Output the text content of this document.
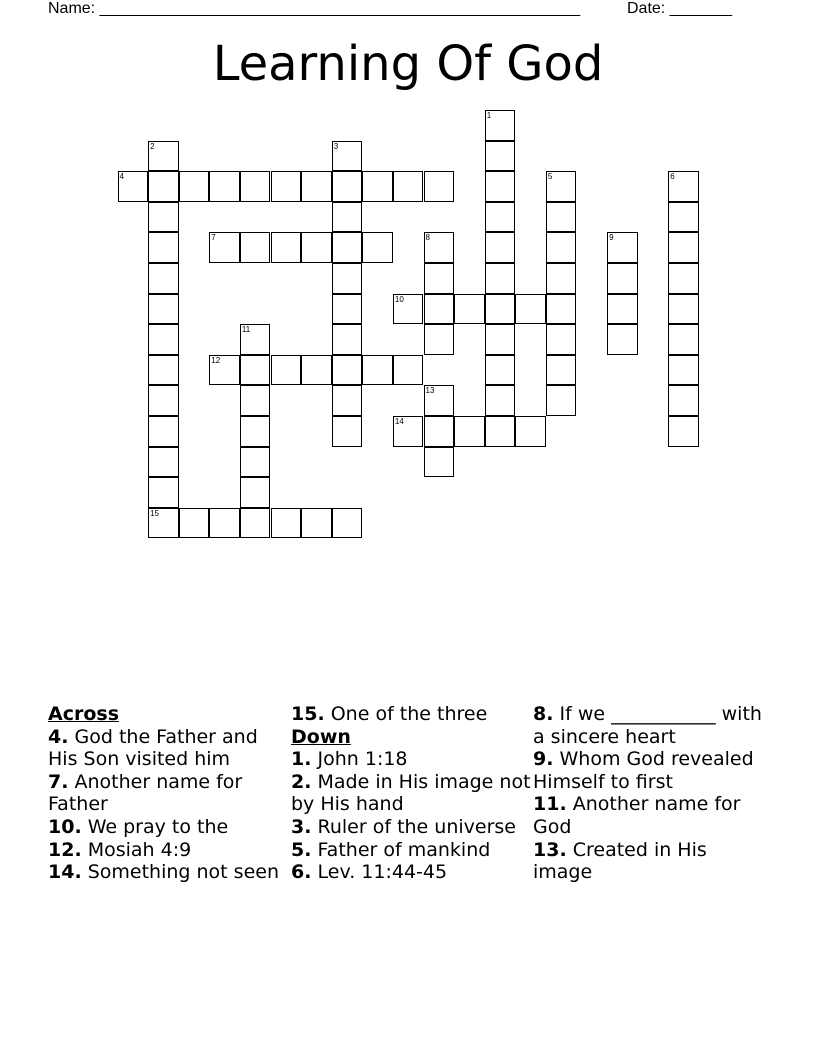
Name: ______________________________________________________	Date: _______
Learning Of God
1
2
15
3
4	5	6
7	8	9
10
11
12
13
14
Across
4. God the Father and His Son visited him
7. Another name for Father
10. We pray to the
12. Mosiah 4:9
14. Something not seen
15. One of the three
Down
1. John 1:18
2. Made in His image not by His hand
3. Ruler of the universe
5. Father of mankind
6. Lev. 11:44-45
8. If we ___________ with a sincere heart
9. Whom God revealed Himself to first
11. Another name for God
13. Created in His image
